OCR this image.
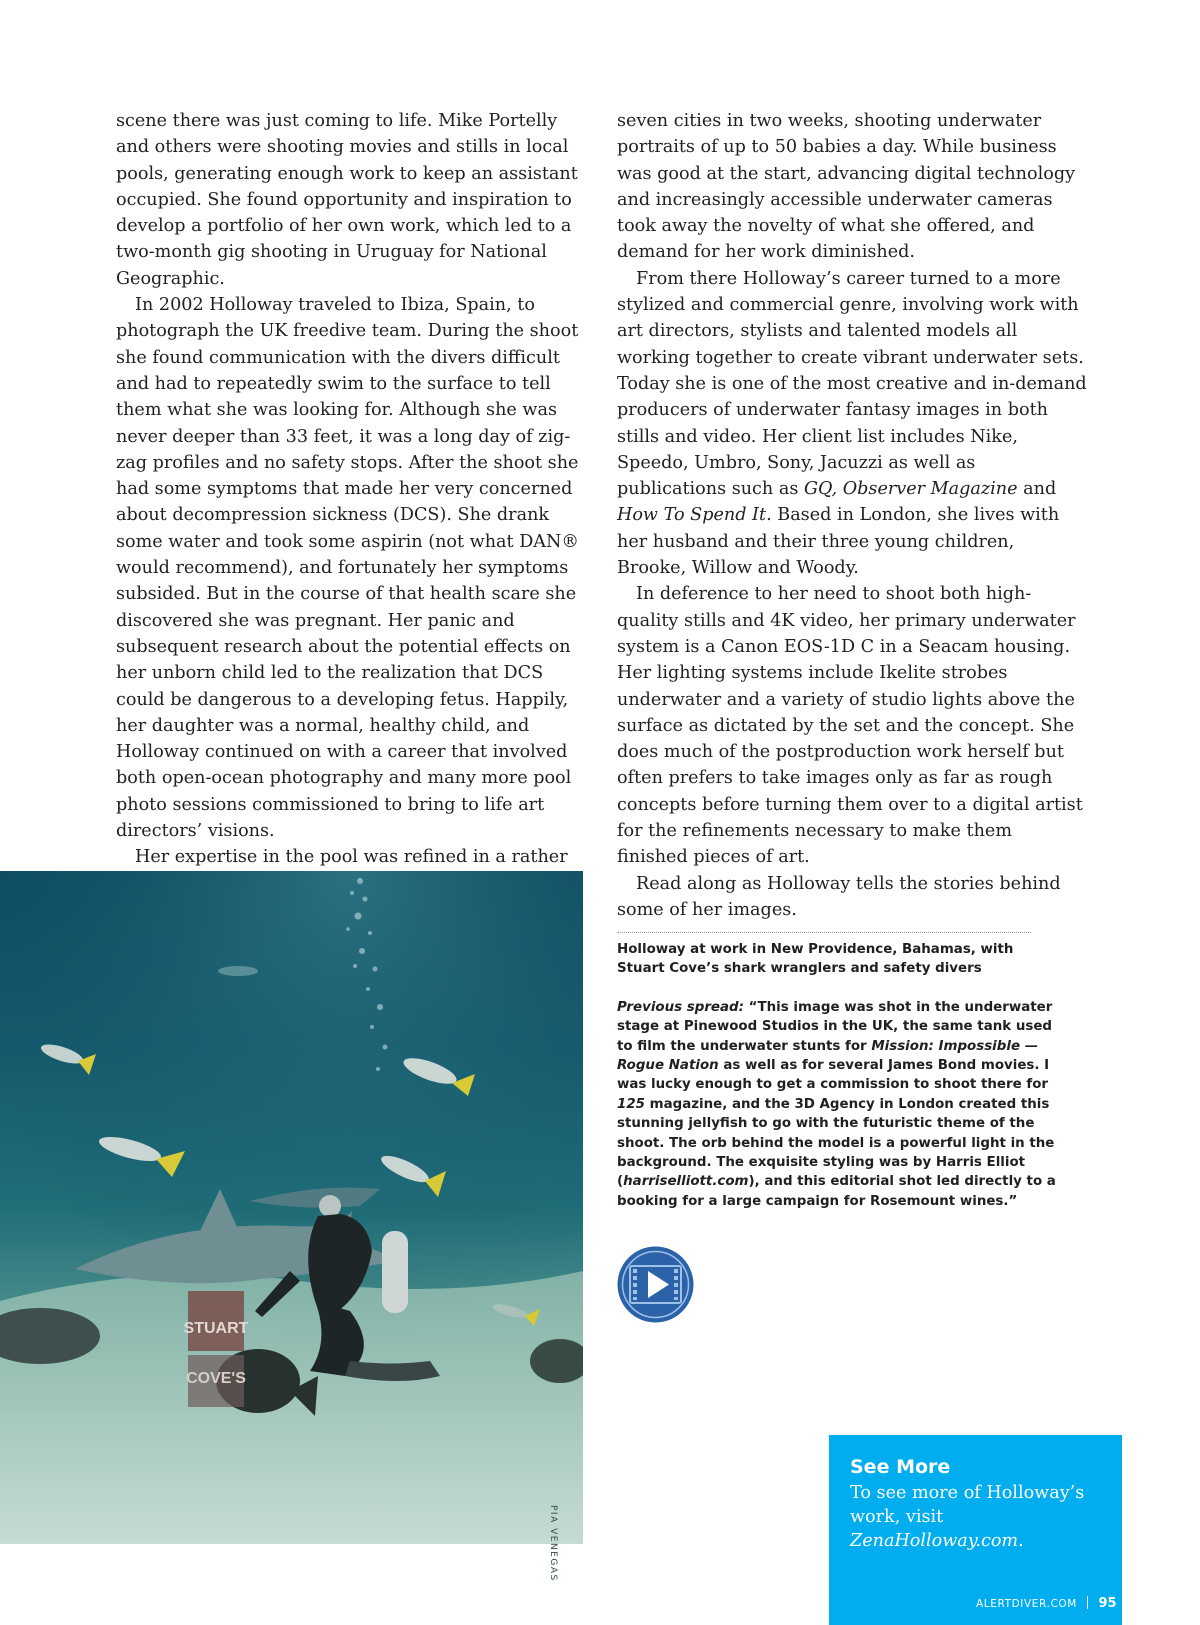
scene there was just coming to life. Mike Portelly and others were shooting movies and stills in local pools, generating enough work to keep an assistant occupied. She found opportunity and inspiration to develop a portfolio of her own work, which led to a two-month gig shooting in Uruguay for National Geographic.

In 2002 Holloway traveled to Ibiza, Spain, to photograph the UK freedive team. During the shoot she found communication with the divers difficult and had to repeatedly swim to the surface to tell them what she was looking for. Although she was never deeper than 33 feet, it was a long day of zig-zag profiles and no safety stops. After the shoot she had some symptoms that made her very concerned about decompression sickness (DCS). She drank some water and took some aspirin (not what DAN® would recommend), and fortunately her symptoms subsided. But in the course of that health scare she discovered she was pregnant. Her panic and subsequent research about the potential effects on her unborn child led to the realization that DCS could be dangerous to a developing fetus. Happily, her daughter was a normal, healthy child, and Holloway continued on with a career that involved both open-ocean photography and many more pool photo sessions commissioned to bring to life art directors’ visions.

Her expertise in the pool was refined in a rather

seven cities in two weeks, shooting underwater portraits of up to 50 babies a day. While business was good at the start, advancing digital technology and increasingly accessible underwater cameras took away the novelty of what she offered, and demand for her work diminished.

From there Holloway’s career turned to a more stylized and commercial genre, involving work with art directors, stylists and talented models all working together to create vibrant underwater sets. Today she is one of the most creative and in-demand producers of underwater fantasy images in both stills and video. Her client list includes Nike, Speedo, Umbro, Sony, Jacuzzi as well as publications such as GQ, Observer Magazine and How To Spend It. Based in London, she lives with her husband and their three young children, Brooke, Willow and Woody.

In deference to her need to shoot both high-quality stills and 4K video, her primary underwater system is a Canon EOS-1D C in a Seacam housing. Her lighting systems include Ikelite strobes underwater and a variety of studio lights above the surface as dictated by the set and the concept. She does much of the postproduction work herself but often prefers to take images only as far as rough concepts before turning them over to a digital artist for the refinements necessary to make them finished pieces of art.

Read along as Holloway tells the stories behind some of her images.

STUART
COVE'S
PIA VENEGAS

Holloway at work in New Providence, Bahamas, with Stuart Cove’s shark wranglers and safety divers

Previous spread: “This image was shot in the underwater stage at Pinewood Studios in the UK, the same tank used to film the underwater stunts for Mission: Impossible — Rogue Nation as well as for several James Bond movies. I was lucky enough to get a commission to shoot there for 125 magazine, and the 3D Agency in London created this stunning jellyfish to go with the futuristic theme of the shoot. The orb behind the model is a powerful light in the background. The exquisite styling was by Harris Elliot (harriselliott.com), and this editorial shot led directly to a booking for a large campaign for Rosemount wines.”

See More
To see more of Holloway’s work, visit ZenaHolloway.com.
ALERTDIVER.COM 95
